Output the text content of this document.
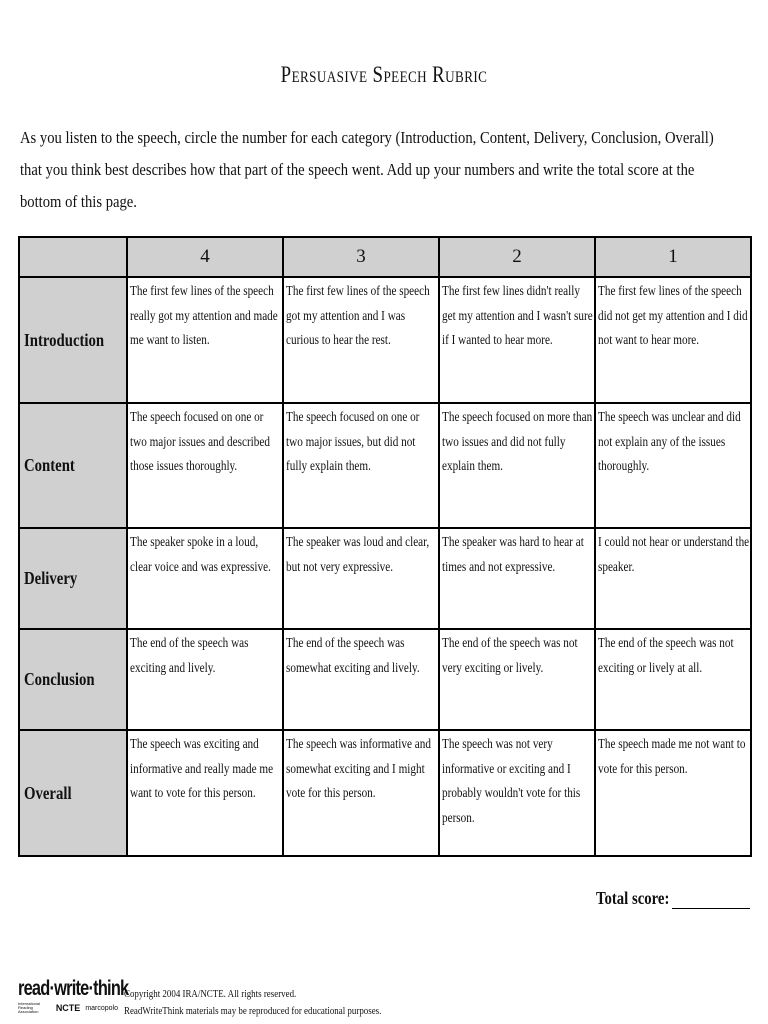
Persuasive Speech Rubric
As you listen to the speech, circle the number for each category (Introduction, Content, Delivery, Conclusion, Overall)
that you think best describes how that part of the speech went. Add up your numbers and write the total score at the
bottom of this page.
	4	3	2	1
Introduction	The first few lines of the speech really got my attention and made me want to listen.	The first few lines of the speech got my attention and I was curious to hear the rest.	The first few lines didn't really get my attention and I wasn't sure if I wanted to hear more.	The first few lines of the speech did not get my attention and I did not want to hear more.

Content	The speech focused on one or two major issues and described those issues thoroughly.	The speech focused on one or two major issues, but did not fully explain them.	The speech focused on more than two issues and did not fully explain them.	The speech was unclear and did not explain any of the issues thoroughly.

Delivery	The speaker spoke in a loud, clear voice and was expressive.	The speaker was loud and clear, but not very expressive.	The speaker was hard to hear at times and not expressive.	I could not hear or understand the speaker.

Conclusion	The end of the speech was exciting and lively.	The end of the speech was somewhat exciting and lively.	The end of the speech was not very exciting or lively.	The end of the speech was not exciting or lively at all.

Overall	The speech was exciting and informative and really made me want to vote for this person.	The speech was informative and somewhat exciting and I might vote for this person.	The speech was not very informative or exciting and I probably wouldn't vote for this person.	The speech made me not want to vote for this person.
Total score:
read·write·think
International Reading Association	NCTE marcopolo
Copyright 2004 IRA/NCTE. All rights reserved.
ReadWriteThink materials may be reproduced for educational purposes.
